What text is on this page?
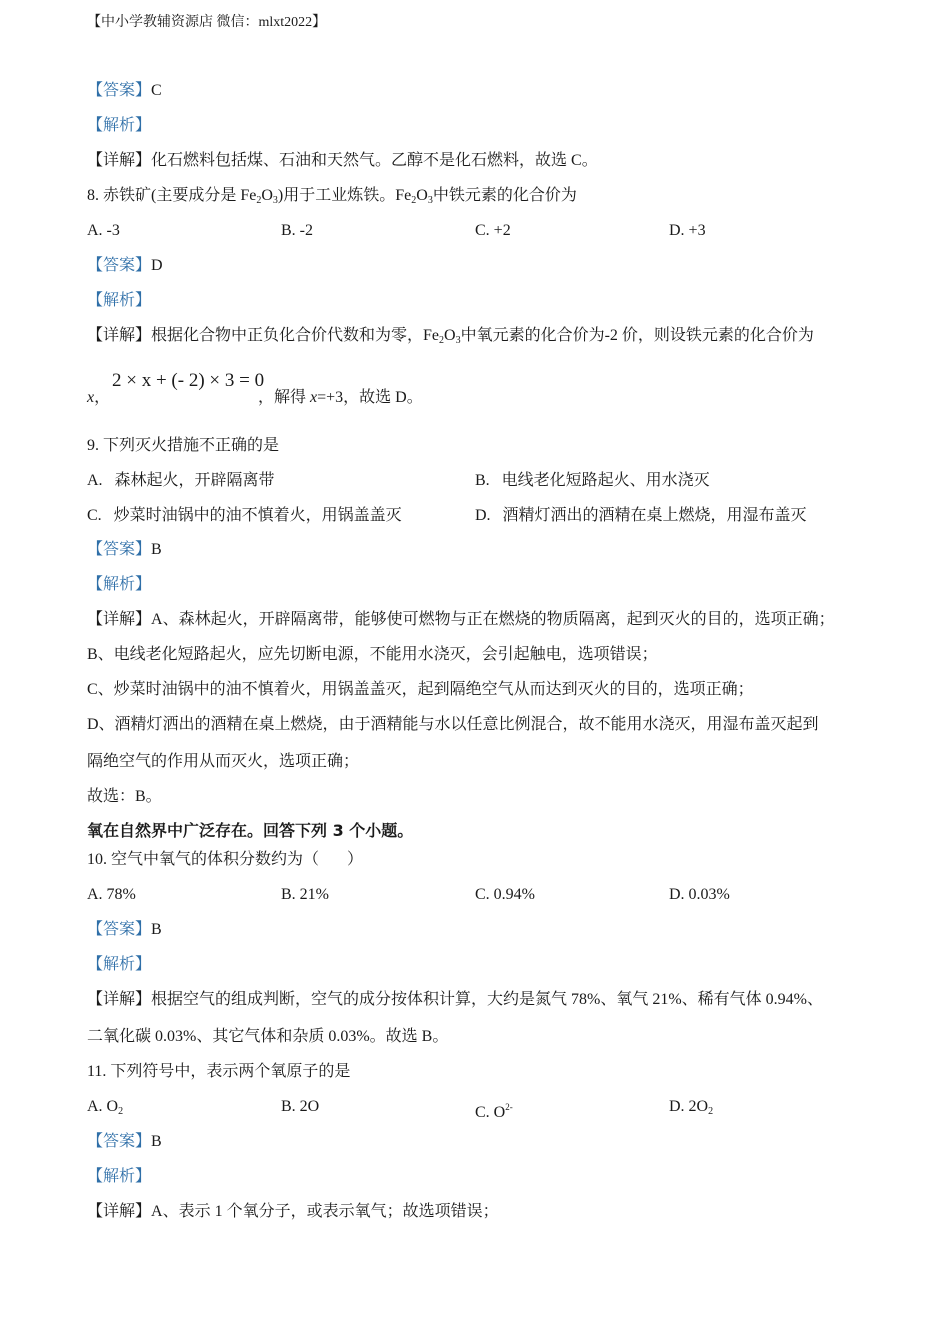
【中小学教辅资源店 微信：mlxt2022】
【答案】C
【解析】
【详解】化石燃料包括煤、石油和天然气。乙醇不是化石燃料，故选 C。
8. 赤铁矿(主要成分是 $Fe_2O_3$)用于工业炼铁。$Fe_2O_3$中铁元素的化合价为
A. -3	B. -2	C. +2	D. +3
【答案】D
【解析】
【详解】根据化合物中正负化合价代数和为零，$Fe_2O_3$中氧元素的化合价为-2 价，则设铁元素的化合价为
x，
2 × x + (- 2) × 3 = 0
，解得 x=+3，故选 D。
9. 下列灭火措施不正确的是
A.   森林起火，开辟隔离带	B.   电线老化短路起火、用水浇灭
C.   炒菜时油锅中的油不慎着火，用锅盖盖灭	D.   酒精灯洒出的酒精在桌上燃烧，用湿布盖灭
【答案】B
【解析】
【详解】A、森林起火，开辟隔离带，能够使可燃物与正在燃烧的物质隔离，起到灭火的目的，选项正确；
B、电线老化短路起火，应先切断电源，不能用水浇灭，会引起触电，选项错误；
C、炒菜时油锅中的油不慎着火，用锅盖盖灭，起到隔绝空气从而达到灭火的目的，选项正确；
D、酒精灯洒出的酒精在桌上燃烧，由于酒精能与水以任意比例混合，故不能用水浇灭，用湿布盖灭起到
隔绝空气的作用从而灭火，选项正确；
故选：B。
氧在自然界中广泛存在。回答下列 3 个小题。
10. 空气中氧气的体积分数约为（       ）
A. 78%	B. 21%	C. 0.94%	D. 0.03%
【答案】B
【解析】
【详解】根据空气的组成判断，空气的成分按体积计算，大约是氮气 78%、氧气 21%、稀有气体 0.94%、
二氧化碳 0.03%、其它气体和杂质 0.03%。故选 B。
11. 下列符号中，表示两个氧原子的是
A. $O_2$	B. 2O	C. $O^{2-}$	D. $2O_2$
【答案】B
【解析】
【详解】A、表示 1 个氧分子，或表示氧气；故选项错误；
